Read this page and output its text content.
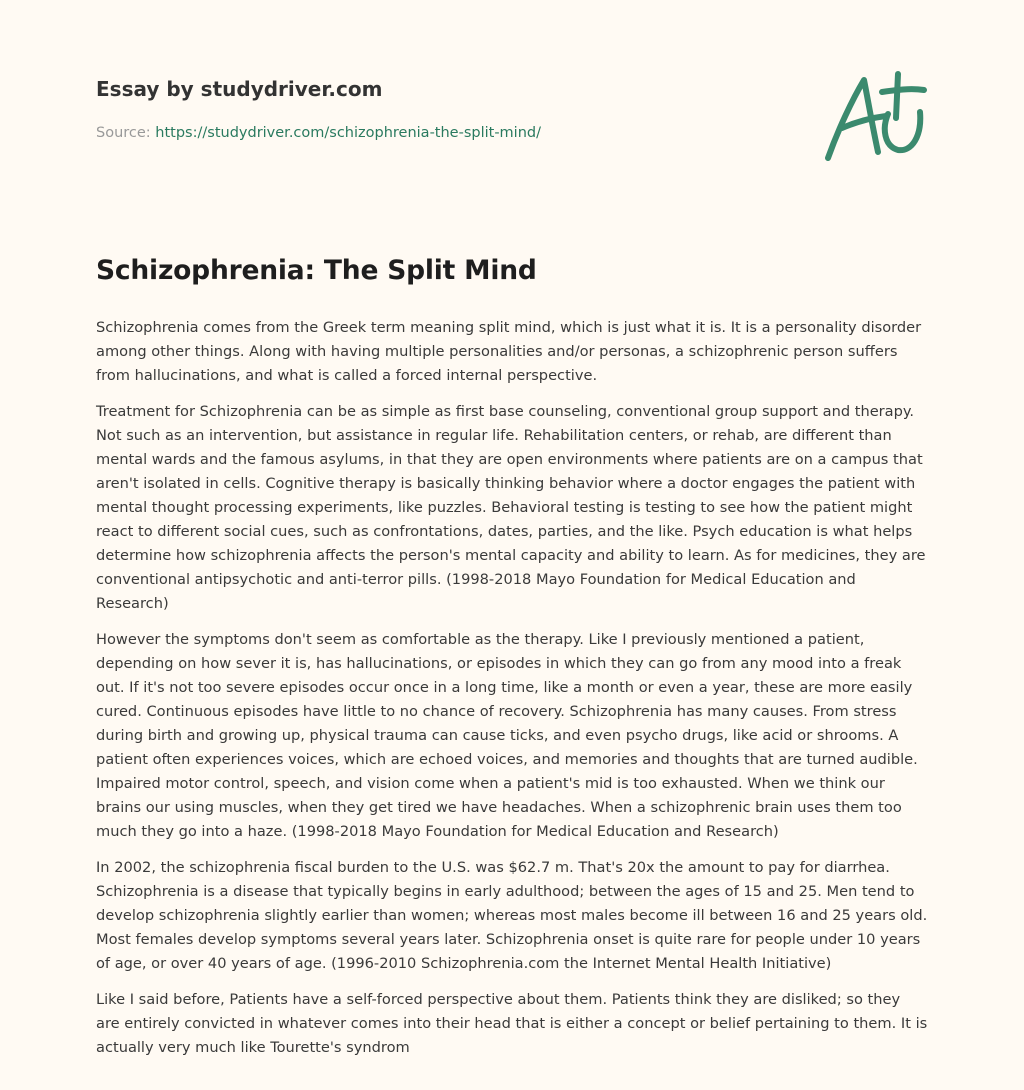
Essay by studydriver.com
Source: https://studydriver.com/schizophrenia-the-split-mind/
Schizophrenia: The Split Mind

Schizophrenia comes from the Greek term meaning split mind, which is just what it is. It is a personality disorder among other things. Along with having multiple personalities and/or personas, a schizophrenic person suffers from hallucinations, and what is called a forced internal perspective.

Treatment for Schizophrenia can be as simple as first base counseling, conventional group support and therapy. Not such as an intervention, but assistance in regular life. Rehabilitation centers, or rehab, are different than mental wards and the famous asylums, in that they are open environments where patients are on a campus that aren't isolated in cells. Cognitive therapy is basically thinking behavior where a doctor engages the patient with mental thought processing experiments, like puzzles. Behavioral testing is testing to see how the patient might react to different social cues, such as confrontations, dates, parties, and the like. Psych education is what helps determine how schizophrenia affects the person's mental capacity and ability to learn. As for medicines, they are conventional antipsychotic and anti-terror pills. (1998-2018 Mayo Foundation for Medical Education and Research)

However the symptoms don't seem as comfortable as the therapy. Like I previously mentioned a patient, depending on how sever it is, has hallucinations, or episodes in which they can go from any mood into a freak out. If it's not too severe episodes occur once in a long time, like a month or even a year, these are more easily cured. Continuous episodes have little to no chance of recovery. Schizophrenia has many causes. From stress during birth and growing up, physical trauma can cause ticks, and even psycho drugs, like acid or shrooms. A patient often experiences voices, which are echoed voices, and memories and thoughts that are turned audible. Impaired motor control, speech, and vision come when a patient's mid is too exhausted. When we think our brains our using muscles, when they get tired we have headaches. When a schizophrenic brain uses them too much they go into a haze. (1998-2018 Mayo Foundation for Medical Education and Research)

In 2002, the schizophrenia fiscal burden to the U.S. was $62.7 m. That's 20x the amount to pay for diarrhea. Schizophrenia is a disease that typically begins in early adulthood; between the ages of 15 and 25. Men tend to develop schizophrenia slightly earlier than women; whereas most males become ill between 16 and 25 years old. Most females develop symptoms several years later. Schizophrenia onset is quite rare for people under 10 years of age, or over 40 years of age. (1996-2010 Schizophrenia.com the Internet Mental Health Initiative)

Like I said before, Patients have a self-forced perspective about them. Patients think they are disliked; so they are entirely convicted in whatever comes into their head that is either a concept or belief pertaining to them. It is actually very much like Tourette's syndrom
